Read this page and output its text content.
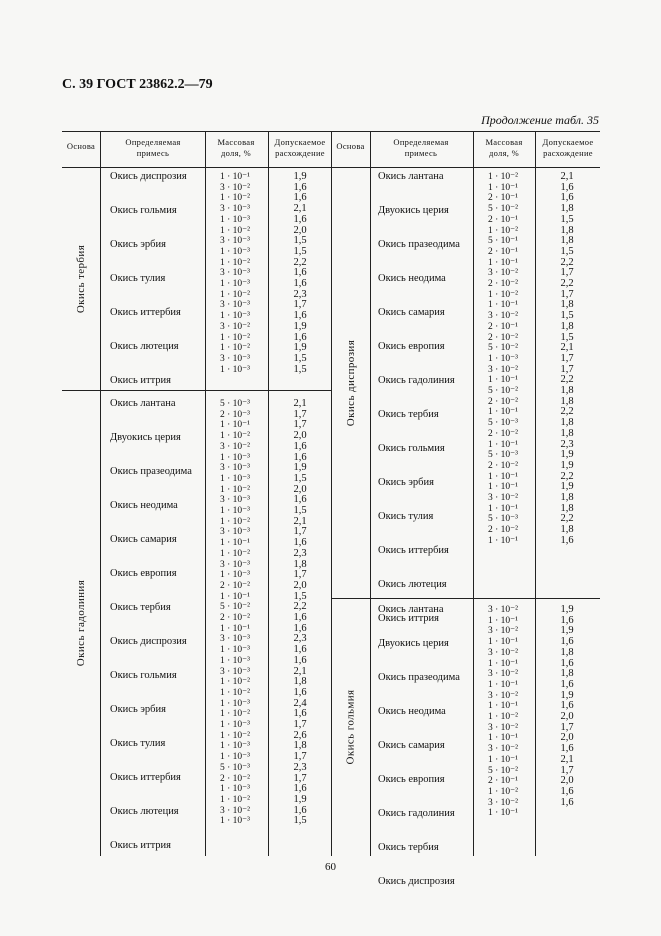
С. 39 ГОСТ 23862.2—79
Продолжение табл. 35
Основа	Определяемая примесь
Массовая доля, %
Допускаемое расхождение
Основа	Определяемая примесь
Массовая доля, %
Допускаемое расхождение
Окись тербия
Окись гадолиния
Окись диспрозия
Окись гольмия
Окись диспрозия
Окись гольмия
Окись эрбия
Окись тулия
Окись иттербия
Окись лютеция
Окись иттрия
1 · 10⁻¹
3 · 10⁻²
1 · 10⁻²
3 · 10⁻³
1 · 10⁻³
1 · 10⁻²
3 · 10⁻³
1 · 10⁻³
1 · 10⁻²
3 · 10⁻³
1 · 10⁻³
1 · 10⁻²
3 · 10⁻³
1 · 10⁻³
3 · 10⁻²
1 · 10⁻²
1 · 10⁻²
3 · 10⁻³
1 · 10⁻³
1,9
1,6
1,6
2,1
1,6
2,0
1,5
1,5
2,2
1,6
1,6
2,3
1,7
1,6
1,9
1,6
1,9
1,5
1,5
Окись лантана
Двуокись церия
Окись празеодима
Окись неодима
Окись самария
Окись европия
Окись тербия
Окись диспрозия
Окись гольмия
Окись эрбия
Окись тулия
Окись иттербия
Окись лютеция
Окись иттрия
5 · 10⁻³
2 · 10⁻³
1 · 10⁻¹
1 · 10⁻²
3 · 10⁻²
1 · 10⁻³
3 · 10⁻³
1 · 10⁻³
1 · 10⁻²
3 · 10⁻³
1 · 10⁻³
1 · 10⁻²
3 · 10⁻³
1 · 10⁻¹
1 · 10⁻²
3 · 10⁻³
1 · 10⁻³
2 · 10⁻²
1 · 10⁻¹
5 · 10⁻²
2 · 10⁻²
1 · 10⁻¹
3 · 10⁻³
1 · 10⁻³
1 · 10⁻³
3 · 10⁻³
1 · 10⁻²
1 · 10⁻²
1 · 10⁻³
1 · 10⁻²
1 · 10⁻³
1 · 10⁻²
1 · 10⁻³
1 · 10⁻³
5 · 10⁻³
2 · 10⁻²
1 · 10⁻³
1 · 10⁻²
3 · 10⁻²
1 · 10⁻³
2,1
1,7
1,7
2,0
1,6
1,6
1,9
1,5
2,0
1,6
1,5
2,1
1,7
1,6
2,3
1,8
1,7
2,0
1,5
2,2
1,6
1,6
2,3
1,6
1,6
2,1
1,8
1,6
2,4
1,6
1,7
2,6
1,8
1,7
2,3
1,7
1,6
1,9
1,6
1,5
Окись лантана
Двуокись церия
Окись празеодима
Окись неодима
Окись самария
Окись европия
Окись гадолиния
Окись тербия
Окись гольмия
Окись эрбия
Окись тулия
Окись иттербия
Окись лютеция
Окись иттрия
1 · 10⁻²
1 · 10⁻¹
2 · 10⁻¹
5 · 10⁻²
2 · 10⁻¹
1 · 10⁻²
5 · 10⁻¹
2 · 10⁻¹
1 · 10⁻¹
3 · 10⁻²
2 · 10⁻²
1 · 10⁻²
1 · 10⁻¹
3 · 10⁻²
2 · 10⁻¹
2 · 10⁻²
5 · 10⁻²
1 · 10⁻³
3 · 10⁻²
1 · 10⁻¹
5 · 10⁻²
2 · 10⁻²
1 · 10⁻¹
5 · 10⁻³
2 · 10⁻²
1 · 10⁻¹
5 · 10⁻³
2 · 10⁻²
1 · 10⁻¹
1 · 10⁻¹
3 · 10⁻²
1 · 10⁻¹
5 · 10⁻³
2 · 10⁻²
1 · 10⁻¹
2,1
1,6
1,6
1,8
1,5
1,8
1,8
1,5
2,2
1,7
2,2
1,7
1,8
1,5
1,8
1,5
2,1
1,7
1,7
2,2
1,8
1,8
2,2
1,8
1,8
2,3
1,9
1,9
2,2
1,9
1,8
1,8
2,2
1,8
1,6
Окись лантана
Двуокись церия
Окись празеодима
Окись неодима
Окись самария
Окись европия
Окись гадолиния
Окись тербия
Окись диспрозия
3 · 10⁻²
1 · 10⁻¹
3 · 10⁻²
1 · 10⁻¹
3 · 10⁻²
1 · 10⁻¹
3 · 10⁻²
1 · 10⁻¹
3 · 10⁻²
1 · 10⁻¹
1 · 10⁻²
3 · 10⁻²
1 · 10⁻¹
3 · 10⁻²
1 · 10⁻¹
5 · 10⁻²
2 · 10⁻¹
1 · 10⁻²
3 · 10⁻²
1 · 10⁻¹
1,9
1,6
1,9
1,6
1,8
1,6
1,8
1,6
1,9
1,6
2,0
1,7
2,0
1,6
2,1
1,7
2,0
1,6
1,6
60
